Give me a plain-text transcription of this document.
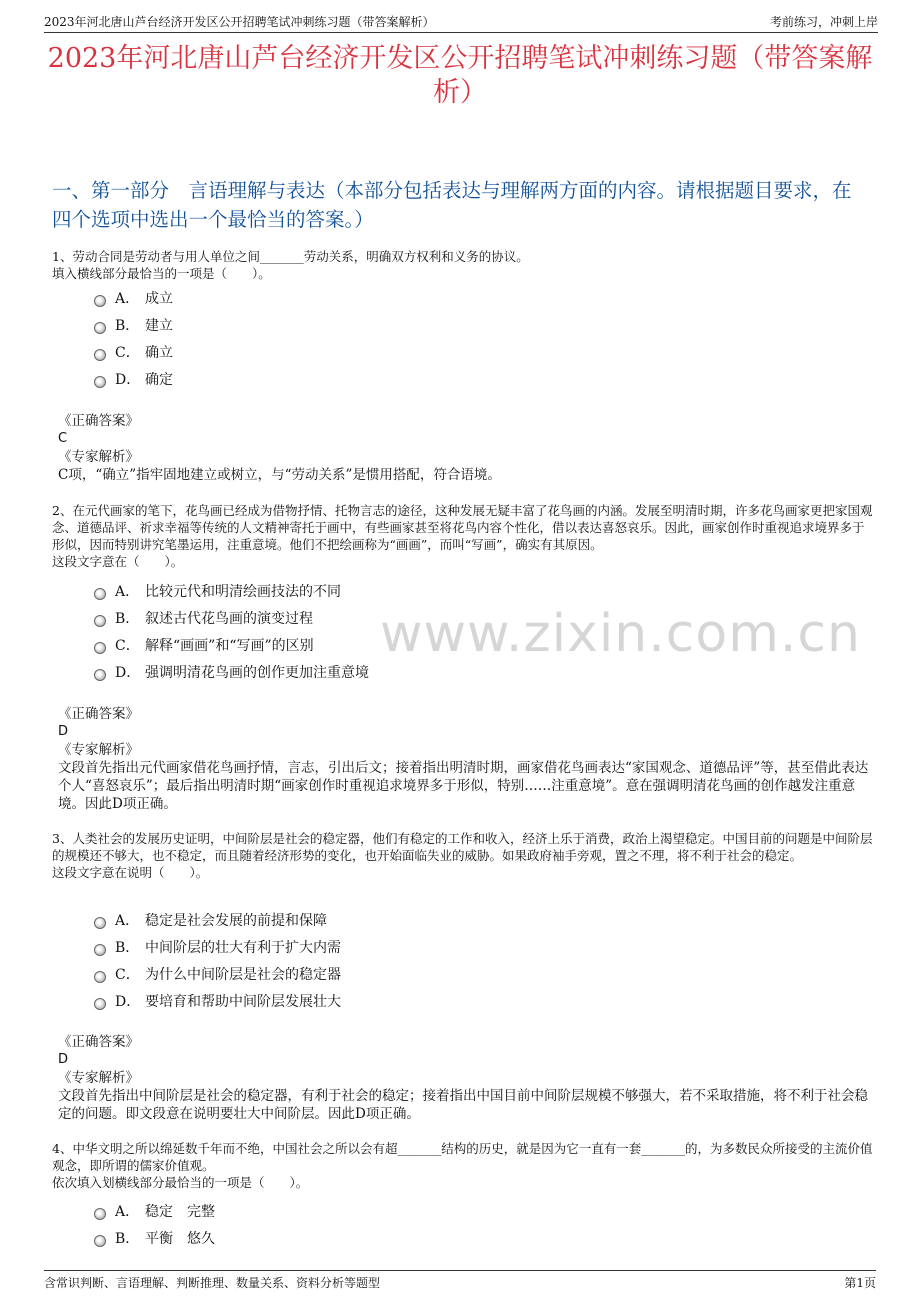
2023年河北唐山芦台经济开发区公开招聘笔试冲刺练习题（带答案解析）	考前练习，冲刺上岸
2023年河北唐山芦台经济开发区公开招聘笔试冲刺练习题（带答案解析）
一、第一部分　言语理解与表达（本部分包括表达与理解两方面的内容。请根据题目要求，在四个选项中选出一个最恰当的答案。）
www.zixin.com.cn
1、劳动合同是劳动者与用人单位之间_______劳动关系，明确双方权利和义务的协议。
填入横线部分最恰当的一项是（　　）。
A． 成立
B． 建立
C． 确立
D． 确定
《正确答案》
C
《专家解析》
C项，“确立”指牢固地建立或树立，与“劳动关系”是惯用搭配，符合语境。
2、在元代画家的笔下，花鸟画已经成为借物抒情、托物言志的途径，这种发展无疑丰富了花鸟画的内涵。发展至明清时期，许多花鸟画家更把家国观念、道德品评、祈求幸福等传统的人文精神寄托于画中，有些画家甚至将花鸟内容个性化，借以表达喜怒哀乐。因此，画家创作时重视追求境界多于形似，因而特别讲究笔墨运用，注重意境。他们不把绘画称为“画画”，而叫“写画”，确实有其原因。
这段文字意在（　　）。
A． 比较元代和明清绘画技法的不同
B． 叙述古代花鸟画的演变过程
C． 解释“画画”和“写画”的区别
D． 强调明清花鸟画的创作更加注重意境
《正确答案》
D
《专家解析》
文段首先指出元代画家借花鸟画抒情，言志，引出后文；接着指出明清时期，画家借花鸟画表达“家国观念、道德品评”等，甚至借此表达个人“喜怒哀乐”；最后指出明清时期“画家创作时重视追求境界多于形似，特别……注重意境”。意在强调明清花鸟画的创作越发注重意境。因此D项正确。
3、人类社会的发展历史证明，中间阶层是社会的稳定器，他们有稳定的工作和收入，经济上乐于消费，政治上渴望稳定。中国目前的问题是中间阶层的规模还不够大，也不稳定，而且随着经济形势的变化，也开始面临失业的威胁。如果政府袖手旁观，置之不理，将不利于社会的稳定。
这段文字意在说明（　　）。
A． 稳定是社会发展的前提和保障
B． 中间阶层的壮大有利于扩大内需
C． 为什么中间阶层是社会的稳定器
D． 要培育和帮助中间阶层发展壮大
《正确答案》
D
《专家解析》
文段首先指出中间阶层是社会的稳定器，有利于社会的稳定；接着指出中国目前中间阶层规模不够强大，若不采取措施，将不利于社会稳定的问题。即文段意在说明要壮大中间阶层。因此D项正确。
4、中华文明之所以绵延数千年而不绝，中国社会之所以会有超_______结构的历史，就是因为它一直有一套_______的，为多数民众所接受的主流价值观念，即所谓的儒家价值观。
依次填入划横线部分最恰当的一项是（　　）。
A． 稳定　完整
B． 平衡　悠久
含常识判断、言语理解、判断推理、数量关系、资料分析等题型	第1页
